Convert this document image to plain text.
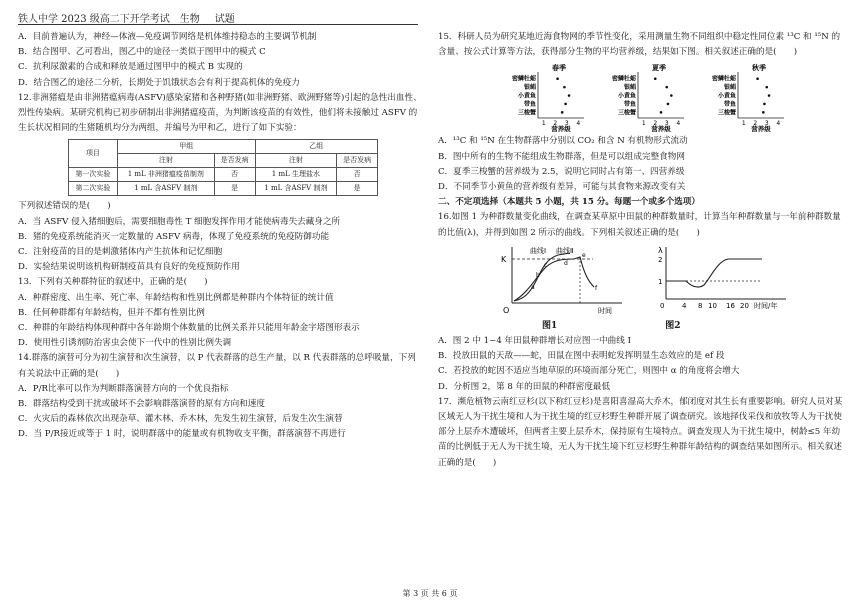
铁人中学 2023 级高二下开学考试__生物___试题

A．目前普遍认为，神经—体液—免疫调节网络是机体维持稳态的主要调节机制

B．结合图甲、乙可看出，图乙中的途径一类似于图甲中的模式 C

C．抗利尿激素的合成和释放是通过图甲中的模式 B 实现的

D．结合图乙的途径二分析，长期处于饥饿状态会有利于提高机体的免疫力

12.非洲猪瘟是由非洲猪瘟病毒(ASFV)感染家猪和各种野猪(如非洲野猪、欧洲野猪等)引起的急性出血性、烈性传染病。某研究机构已初步研制出非洲猪瘟疫苗，为判断该疫苗的有效性，他们将未接触过 ASFV 的生长状况相同的生猪随机均分为两组，并编号为甲和乙，进行了如下实验：

项目	甲组		乙组	
	注射	是否发病	注射	是否发病
第一次实验	1 mL 非洲猪瘟疫苗制剂	否	1 mL 生理盐水	否
第二次实验	1 mL 含ASFV 制剂	是	1 mL 含ASFV 制剂	是

下列叙述错误的是(　　)

A．当 ASFV 侵入猪细胞后，需要细胞毒性 T 细胞发挥作用才能使病毒失去藏身之所

B．猪的免疫系统能消灭一定数量的 ASFV 病毒，体现了免疫系统的免疫防御功能

C．注射疫苗的目的是刺激猪体内产生抗体和记忆细胞

D．实验结果说明该机构研制疫苗具有良好的免疫预防作用

13．下列有关种群特征的叙述中，正确的是(　　)

A．种群密度、出生率、死亡率、年龄结构和性别比例都是种群内个体特征的统计值

B．任何种群都有年龄结构，但并不都有性别比例

C．种群的年龄结构体现种群中各年龄期个体数量的比例关系并只能用年龄金字塔图形表示

D．使用性引诱剂防治害虫会使下一代中的性别比例失调

14.群落的演替可分为初生演替和次生演替，以 P 代表群落的总生产量，以 R 代表群落的总呼吸量，下列有关说法中正确的是(　　)

A．P/R比率可以作为判断群落演替方向的一个优良指标

B．群落结构受到干扰或破坏不会影响群落演替的原有方向和速度

C．火灾后的森林依次出现杂草、灌木林、乔木林，先发生初生演替，后发生次生演替

D．当 P/R接近或等于 1 时，说明群落中的能量或有机物收支平衡，群落演替不再进行

15．科研人员为研究某地近海食物网的季节性变化，采用测量生物不同组织中稳定性同位素 ¹³C 和 ¹⁵N 的含量、按公式计算等方法，获得部分生物的平均营养级，结果如下图。相关叙述正确的是(　　)

春季
密鳞牡蛎
银鲳
小黄鱼
带鱼
三梭蟹
1 2 3 4
营养级
夏季
密鳞牡蛎
银鲳
小黄鱼
带鱼
三梭蟹
1 2 3 4
营养级
秋季
密鳞牡蛎
银鲳
小黄鱼
带鱼
三梭蟹
1 2 3 4
营养级

A．¹³C 和 ¹⁵N 在生物群落中分别以 CO₂ 和含 N 有机物形式流动

B．图中所有的生物不能组成生物群落，但是可以组成完整食物网

C．夏季三梭蟹的营养级为 2.5，说明它同时占有第一、四营养级

D．不同季节小黄鱼的营养级有差异，可能与其食物来源改变有关

二、不定项选择（本题共 5 小题，共 15 分。每题一个或多个选项）

16.如图 1 为种群数量变化曲线，在调查某草原中田鼠的种群数量时，计算当年种群数量与一年前种群数量的比值(λ)，并得到如图 2 所示的曲线。下列相关叙述正确的是(　　)

K
O
曲线Ⅰ 曲线Ⅱ
a
b
c	d
e
f
时间
λ
2
1
0	4 8 10 16 20 时间/年
图1	图2

A．图 2 中 1~4 年田鼠种群增长对应图一中曲线 Ⅰ

B．投放田鼠的天敌——蛇，田鼠在图中表明蛇发挥明显生态效应的是 ef 段

C．若投放的蛇因不适应当地草原的环境而部分死亡，则图中 α 的角度将会增大

D．分析图 2，第 8 年的田鼠的种群密度最低

17．濒危植物云南红豆杉(以下称红豆杉)是喜阳喜湿高大乔木，郁闭度对其生长有重要影响。研究人员对某区域无人为干扰生境和人为干扰生境的红豆杉野生种群开展了调查研究。该地择伐采伐和放牧等人为干扰使部分上层乔木遭破坏，但两者主要上层乔木，保持原有生境特点。调查发现人为干扰生境中，树龄≤5 年幼苗的比例低于无人为干扰生境，无人为干扰生境下红豆杉野生种群年龄结构的调查结果如图所示。相关叙述正确的是(　　)

第 3 页 共 6 页
